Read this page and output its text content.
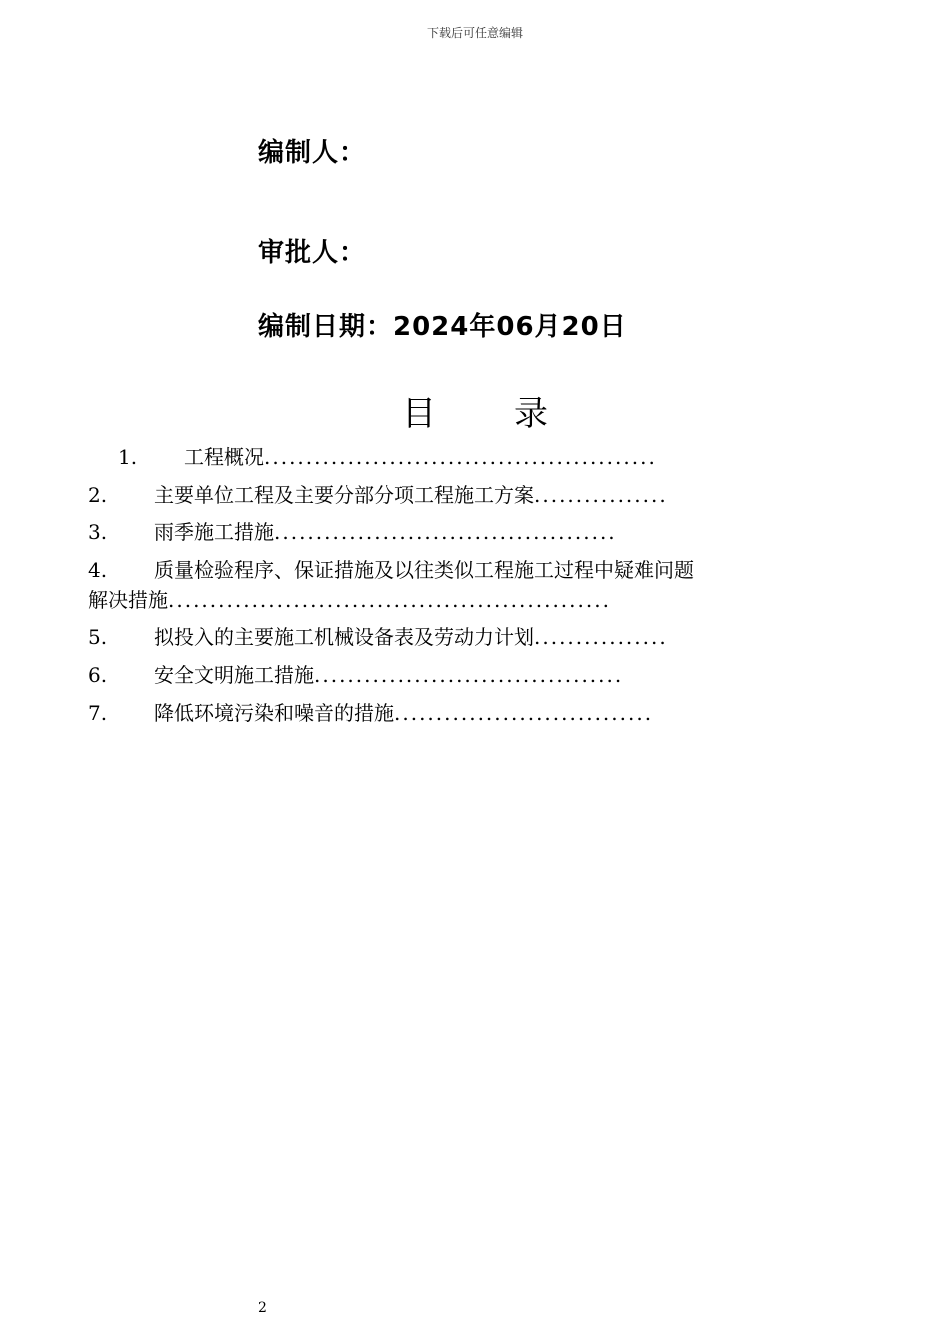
下载后可任意编辑
编制人：
审批人：
编制日期：2024年06月20日
目录
1. 工程概况...............................................
2. 主要单位工程及主要分部分项工程施工方案................
3. 雨季施工措施.........................................
4. 质量检验程序、保证措施及以往类似工程施工过程中疑难问题
解决措施.....................................................
5. 拟投入的主要施工机械设备表及劳动力计划................
6. 安全文明施工措施.....................................
7. 降低环境污染和噪音的措施...............................
2
